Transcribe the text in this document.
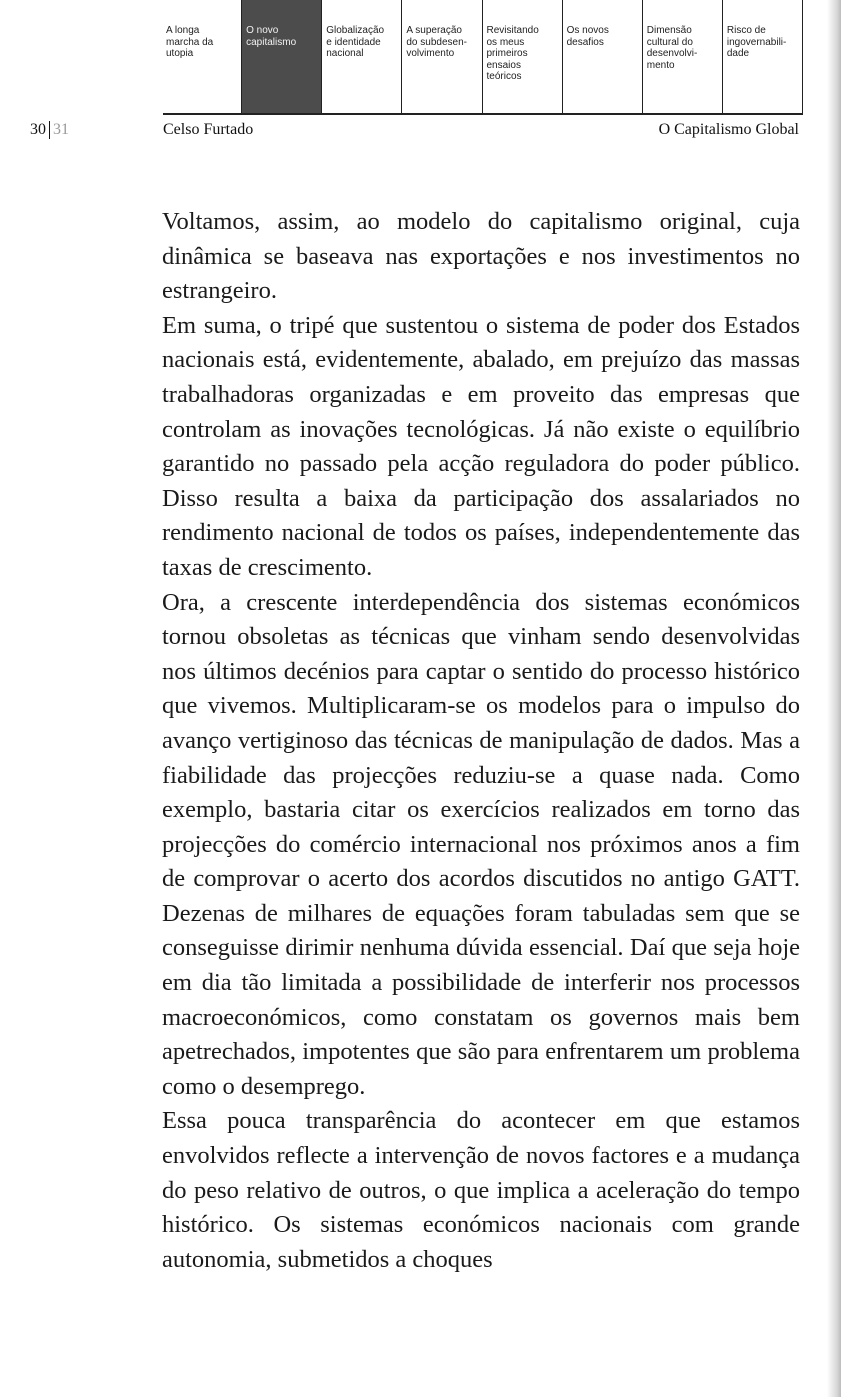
A longa
marcha da
utopia
O novo
capitalismo
Globalização
e identidade
nacional
A superação
do subdesen-
volvimento
Revisitando
os meus
primeiros
ensaios
teóricos
Os novos
desafios
Dimensão
cultural do
desenvolvi-
mento
Risco de
ingovernabili-
dade
30 31	Celso Furtado	O Capitalismo Global

Voltamos, assim, ao modelo do capitalismo original, cuja dinâmica se baseava nas exportações e nos investimentos no estrangeiro.

Em suma, o tripé que sustentou o sistema de poder dos Estados nacionais está, evidentemente, abalado, em prejuízo das massas trabalhadoras organizadas e em proveito das empresas que controlam as inovações tecnológicas. Já não existe o equilíbrio garantido no passado pela acção reguladora do poder público. Disso resulta a baixa da participação dos assalariados no rendimento nacional de todos os países, independentemente das taxas de crescimento.

Ora, a crescente interdependência dos sistemas económicos tornou obsoletas as técnicas que vinham sendo desenvolvidas nos últimos decénios para captar o sentido do processo histórico que vivemos. Multiplicaram-se os modelos para o impulso do avanço vertiginoso das técnicas de manipulação de dados. Mas a fiabilidade das projecções reduziu-se a quase nada. Como exemplo, bastaria citar os exercícios realizados em torno das projecções do comércio internacional nos próximos anos a fim de comprovar o acerto dos acordos discutidos no antigo GATT. Dezenas de milhares de equações foram tabuladas sem que se conseguisse dirimir nenhuma dúvida essencial. Daí que seja hoje em dia tão limitada a possibilidade de interferir nos processos macroeconómicos, como constatam os governos mais bem apetrechados, impotentes que são para enfrentarem um problema como o desemprego.

Essa pouca transparência do acontecer em que estamos envolvidos reflecte a intervenção de novos factores e a mudança do peso relativo de outros, o que implica a aceleração do tempo histórico. Os sistemas económicos nacionais com grande autonomia, submetidos a choques
